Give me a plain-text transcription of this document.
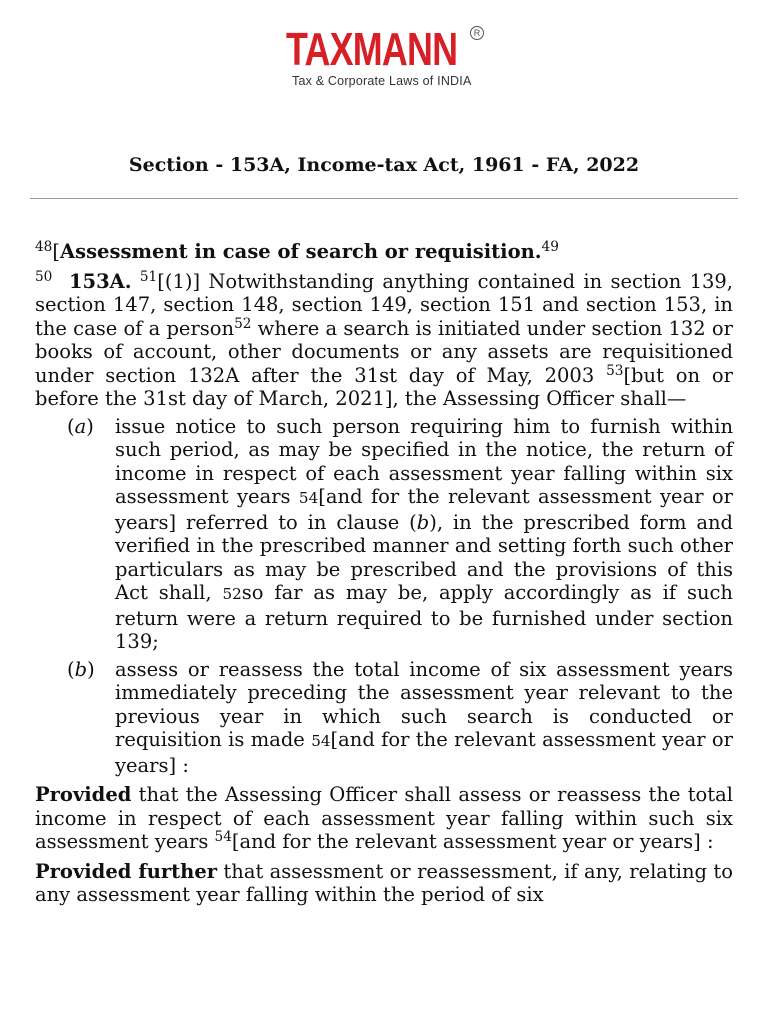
TAXMANN	R
Tax & Corporate Laws of INDIA
Section - 153A, Income-tax Act, 1961 - FA, 2022

$^{48}$[Assessment in case of search or requisition.$^{49}$

$^{50}$ 153A. $^{51}$[(1)] Notwithstanding anything contained in section 139, section 147, section 148, section 149, section 151 and section 153, in the case of a person$^{52}$ where a search is initiated under section 132 or books of account, other documents or any assets are requisitioned under section 132A after the 31st day of May, 2003 $^{53}$[but on or before the 31st day of March, 2021], the Assessing Officer shall—

(a) issue notice to such person requiring him to furnish within such period, as may be specified in the notice, the return of income in respect of each assessment year falling within six assessment years 54[and for the relevant assessment year or years] referred to in clause (b), in the prescribed form and verified in the prescribed manner and setting forth such other particulars as may be prescribed and the provisions of this Act shall, 52so far as may be, apply accordingly as if such return were a return required to be furnished under section 139;
(b) assess or reassess the total income of six assessment years immediately preceding the assessment year relevant to the previous year in which such search is conducted or requisition is made 54[and for the relevant assessment year or years] :

Provided that the Assessing Officer shall assess or reassess the total income in respect of each assessment year falling within such six assessment years $^{54}$[and for the relevant assessment year or years] :

Provided further that assessment or reassessment, if any, relating to any assessment year falling within the period of six
